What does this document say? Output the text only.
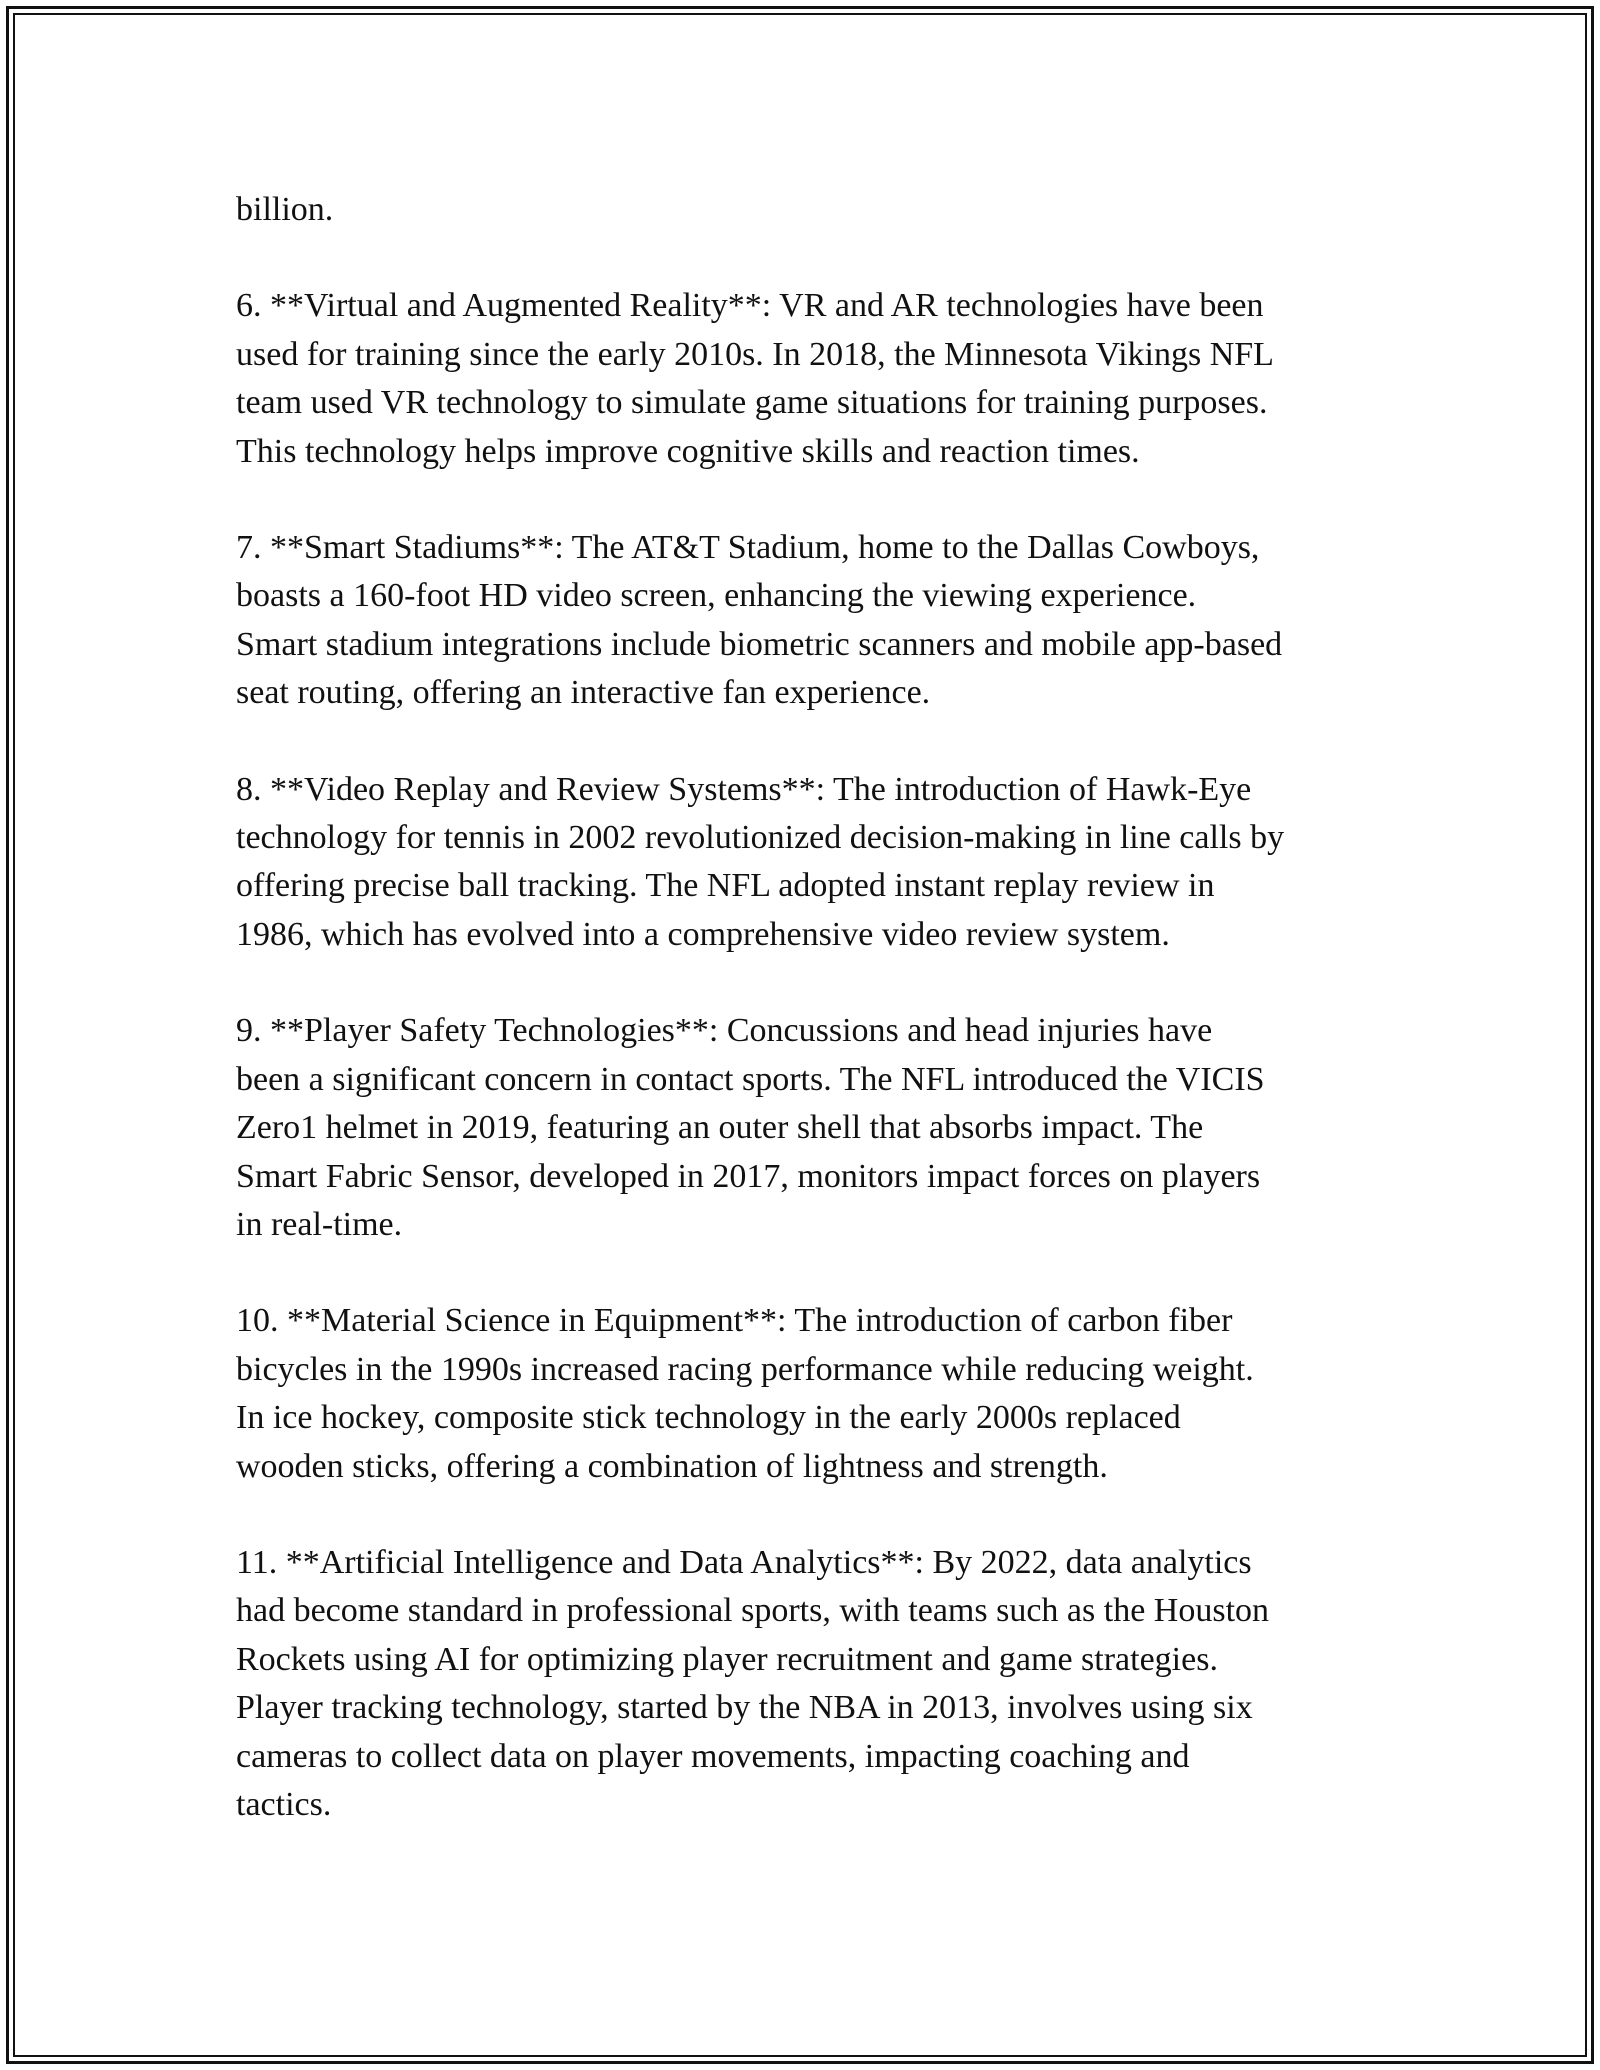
billion.

6. **Virtual and Augmented Reality**: VR and AR technologies have been
used for training since the early 2010s. In 2018, the Minnesota Vikings NFL
team used VR technology to simulate game situations for training purposes.
This technology helps improve cognitive skills and reaction times.

7. **Smart Stadiums**: The AT&T Stadium, home to the Dallas Cowboys,
boasts a 160-foot HD video screen, enhancing the viewing experience.
Smart stadium integrations include biometric scanners and mobile app-based
seat routing, offering an interactive fan experience.

8. **Video Replay and Review Systems**: The introduction of Hawk-Eye
technology for tennis in 2002 revolutionized decision-making in line calls by
offering precise ball tracking. The NFL adopted instant replay review in
1986, which has evolved into a comprehensive video review system.

9. **Player Safety Technologies**: Concussions and head injuries have
been a significant concern in contact sports. The NFL introduced the VICIS
Zero1 helmet in 2019, featuring an outer shell that absorbs impact. The
Smart Fabric Sensor, developed in 2017, monitors impact forces on players
in real-time.

10. **Material Science in Equipment**: The introduction of carbon fiber
bicycles in the 1990s increased racing performance while reducing weight.
In ice hockey, composite stick technology in the early 2000s replaced
wooden sticks, offering a combination of lightness and strength.

11. **Artificial Intelligence and Data Analytics**: By 2022, data analytics
had become standard in professional sports, with teams such as the Houston
Rockets using AI for optimizing player recruitment and game strategies.
Player tracking technology, started by the NBA in 2013, involves using six
cameras to collect data on player movements, impacting coaching and
tactics.
